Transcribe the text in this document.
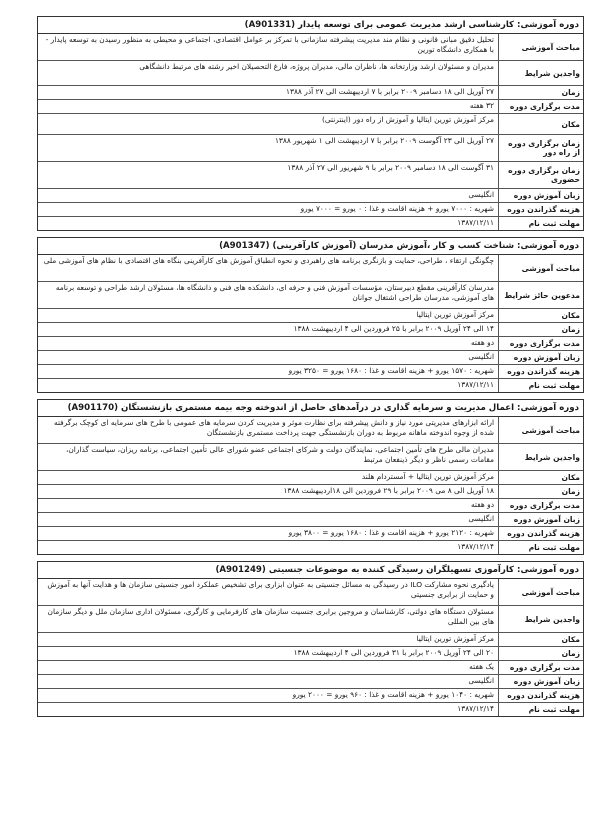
دوره آموزشی: کارشناسی ارشد مدیریت عمومی برای توسعه پایدار (A901331)
مباحث آموزشی
تحلیل دقیق مبانی قانونی و نظام مند مدیریت پیشرفته سازمانی با تمرکز بر عوامل اقتصادی، اجتماعی و محیطی به منظور رسیدن به توسعه پایدار - با همکاری دانشگاه تورین
واجدین شرایط
مدیران و مسئولان ارشد وزارتخانه ها، ناظران مالی، مدیران پروژه، فارغ التحصیلان اخیر رشته های مرتبط دانشگاهی
زمان
۲۷ آوریل الی ۱۸ دسامبر ۲۰۰۹ برابر با ۷ اردیبهشت الی ۲۷ آذر ۱۳۸۸
مدت برگزاری دوره
۳۲ هفته
مکان
مرکز آموزش تورین ایتالیا و آموزش از راه دور (اینترنتی)
زمان برگزاری دوره از راه دور
۲۷ آوریل الی ۲۳ آگوست ۲۰۰۹ برابر با ۷ اردیبهشت الی ۱ شهریور ۱۳۸۸
زمان برگزاری دوره حضوری
۳۱ آگوست الی ۱۸ دسامبر ۲۰۰۹ برابر با ۹ شهریور الی ۲۷ آذر ۱۳۸۸
زبان آموزش دوره
انگلیسی
هزینه گذراندن دوره
شهریه : ۷۰۰۰ یورو + هزینه اقامت و غذا : ۰ یورو = ۷۰۰۰ یورو
مهلت ثبت نام
۱۳۸۷/۱۲/۱۱
دوره آموزشی: شناخت کسب و کار ،آموزش مدرسان (آموزش کارآفرینی) (A901347)
مباحث آموزشی
چگونگی ارتقاء ، طراحی، حمایت و بازنگری برنامه های راهبردی و نحوه انطباق آموزش های کارآفرینی بنگاه های اقتصادی با نظام های آموزشی ملی
مدعوین حائز شرایط
مدرسان کارآفرینی مقطع دبیرستان، مؤسسات آموزش فنی و حرفه ای، دانشکده های فنی و دانشگاه ها، مسئولان ارشد طراحی و توسعه برنامه های آموزشی، مدرسان طراحی اشتغال جوانان
مکان
مرکز آموزش تورین ایتالیا
زمان
۱۴ الی ۲۴ آوریل ۲۰۰۹ برابر با ۲۵ فروردین الی ۴ اردیبهشت ۱۳۸۸
مدت برگزاری دوره
دو هفته
زبان آموزش دوره
انگلیسی
هزینه گذراندن دوره
شهریه : ۱۵۷۰ یورو + هزینه اقامت و غذا : ۱۶۸۰ یورو = ۳۲۵۰ یورو
مهلت ثبت نام
۱۳۸۷/۱۲/۱۱
دوره آموزشی: اعمال مدیریت و سرمایه گذاری در درآمدهای حاصل از اندوخته وجه بیمه مستمری بازنشستگان (A901170)
مباحث آموزشی
ارائه ابزارهای مدیریتی مورد نیاز و دانش پیشرفته برای نظارت موثر و مدیریت کردن سرمایه های عمومی با طرح های سرمایه ای کوچک برگرفته شده از وجوه اندوخته ماهانه مربوط به دوران بازنشستگی جهت پرداخت مستمری بازنشستگان
واجدین شرایط
مدیران مالی طرح های تأمین اجتماعی، نمایندگان دولت و شرکای اجتماعی عضو شورای عالی تأمین اجتماعی، برنامه ریزان، سیاست گذاران، مقامات رسمی ناظر و دیگر ذینفعان مرتبط
مکان
مرکز آموزش تورین ایتالیا + آمستردام هلند
زمان
۱۸ آوریل الی ۸ می ۲۰۰۹ برابر با ۲۹ فروردین الی ۱۸اردیبهشت ۱۳۸۸
مدت برگزاری دوره
دو هفته
زبان آموزش دوره
انگلیسی
هزینه گذراندن دوره
شهریه : ۲۱۲۰ یورو + هزینه اقامت و غذا : ۱۶۸۰ یورو = ۳۸۰۰ یورو
مهلت ثبت نام
۱۳۸۷/۱۲/۱۴
دوره آموزشی: کارآموزی تسهیلگران رسیدگی کننده به موضوعات جنسیتی (A901249)
مباحث آموزشی
یادگیری نحوه مشارکت ILO در رسیدگی به مسائل جنسیتی به عنوان ابزاری برای تشخیص عملکرد امور جنسیتی سازمان ها و هدایت آنها به آموزش و حمایت از برابری جنسیتی
واجدین شرایط
مسئولان دستگاه های دولتی، کارشناسان و مروجین برابری جنسیت سازمان های کارفرمایی و کارگری، مسئولان اداری سازمان ملل و دیگر سازمان های بین المللی
مکان
مرکز آموزش تورین ایتالیا
زمان
۲۰ الی ۲۴ آوریل ۲۰۰۹ برابر با ۳۱ فروردین الی ۴ اردیبهشت ۱۳۸۸
مدت برگزاری دوره
یک هفته
زبان آموزش دوره
انگلیسی
هزینه گذراندن دوره
شهریه : ۱۰۴۰ یورو + هزینه اقامت و غذا : ۹۶۰ یورو = ۲۰۰۰ یورو
مهلت ثبت نام
۱۳۸۷/۱۲/۱۴
